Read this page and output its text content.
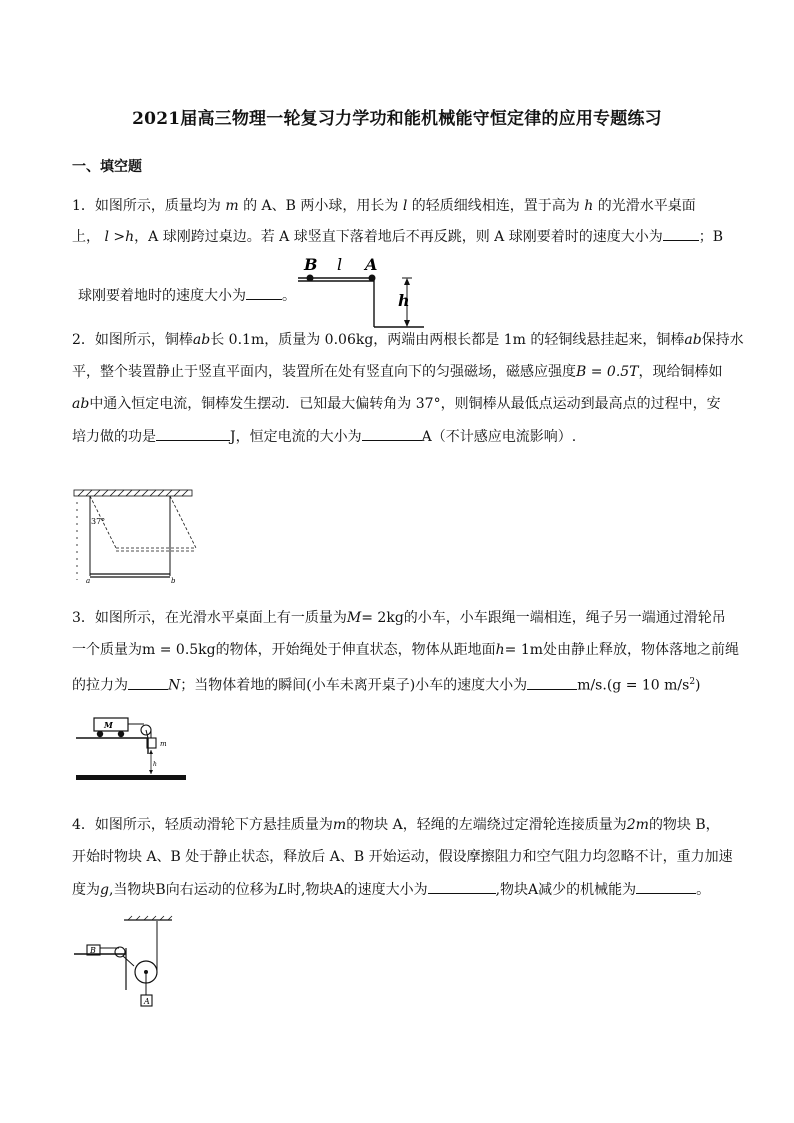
2021届高三物理一轮复习力学功和能机械能守恒定律的应用专题练习
一、填空题
1．如图所示，质量均为 m 的 A、B 两小球，用长为 l 的轻质细线相连，置于高为 h 的光滑水平桌面
上， l >h，A 球刚跨过桌边。若 A 球竖直下落着地后不再反跳，则 A 球刚要着时的速度大小为	；B
球刚要着地时的速度大小为	。
B l A
h
2．如图所示，铜棒ab长 0.1m，质量为 0.06kg，两端由两根长都是 1m 的轻铜线悬挂起来，铜棒ab保持水
平，整个装置静止于竖直平面内，装置所在处有竖直向下的匀强磁场，磁感应强度B = 0.5T，现给铜棒如
ab中通入恒定电流，铜棒发生摆动．已知最大偏转角为 37°，则铜棒从最低点运动到最高点的过程中，安
培力做的功是	J，恒定电流的大小为	A（不计感应电流影响）.
37°
a	b
3．如图所示，在光滑水平桌面上有一质量为M= 2kg的小车，小车跟绳一端相连，绳子另一端通过滑轮吊
一个质量为m = 0.5kg的物体，开始绳处于伸直状态，物体从距地面h= 1m处由静止释放，物体落地之前绳
的拉力为	N；当物体着地的瞬间(小车未离开桌子)小车的速度大小为	m/s.(g = 10 $m/s^2$)
M
m
h
4．如图所示，轻质动滑轮下方悬挂质量为m的物块 A，轻绳的左端绕过定滑轮连接质量为2m的物块 B，
开始时物块 A、B 处于静止状态，释放后 A、B 开始运动，假设摩擦阻力和空气阻力均忽略不计，重力加速
度为g,当物块B向右运动的位移为L时,物块A的速度大小为	,物块A减少的机械能为	。
B
A
